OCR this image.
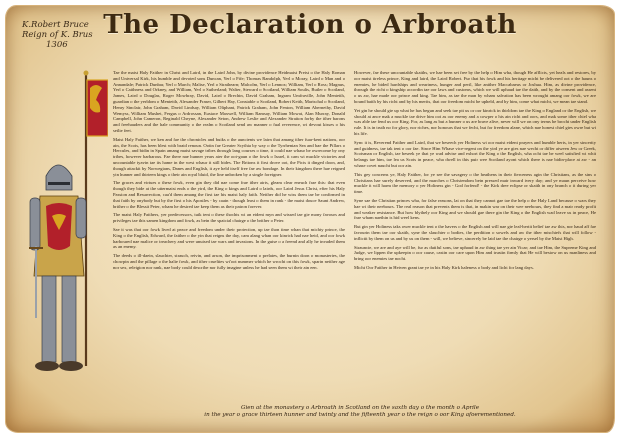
The Declaration o Arbroath
K.Robert Bruce
Reign of K. Brus
1306

Tae the maist Haly Faither in Christ and Laird, in the Laird John, by divine providence Heidmaist Preist o the Haly Roman and Universal Kirk, his humble and devoted sons Duncan, Yerl o Fife; Thomas Randolph, Yerl o Moray, Laird o Man and o Annandale; Patrick Dunbar, Yerl o March; Malise, Yerl o Strathearn; Malcolm, Yerl o Lennox; William, Yerl o Ross; Magnus, Yerl o Caithness and Orkney, and William, Yerl o Sutherland; Walter, Steward o Scotland, William Soulis, Butler o Scotland, James, Laird o Douglas, Roger Mowbray, David, Laird o Brechin, David Graham, Ingram Umfraville, John Menteith, guardian o the yerldom o Menteith, Alexander Fraser, Gilbert Hay, Constable o Scotland, Robert Keith, Marischal o Scotland, Henry Sinclair, John Graham, David Lindsay, William Oliphant, Patrick Graham, John Fenton, William Abernethy, David Wemyss, William Mushet, Fergus o Ardrossan, Eustace Maxwell, William Ramsay, William Mowat, Alan Murray, Donald Campbell, John Cameron, Reginald Cheyne, Alexander Seton, Andrew Leslie and Alexander Straiton forby the ither barons and freehauders and the hale community o the realm o Scotland send aw manner o fual reverence, wi devout kisses o his seilie feet.

Maist Haly Faither, we ken and fae the chronicles and buiks o the auncients we lairn that amang ither fuar-kent nations, oor ain, the Scots, has been blest with braid renoun. Ootin fae Greater Scythia by way o the Tyrrhenian Sea and bae the Pillars o Hercules, and bidin in Spain amang maist savage tribes through lang courses o time, it could nae whaur be owrecome by ony tribes, however barbarous. Fae there nae hunner years ater the oot-gaun o the fowk o Israel, it cam wi muckle victories and uncountable tyavin tae its hame in the west whaur it still bides. The Britons it first drove oot, the Picts it dinged doon, and, though attackit by Norwegians, Danes and English, it aye held itself free fae aw bondage. In their kingdom there hae reigned yin hunner and thirteen kings o their ain royal bluid, the line unbroken by a single foreigner.

The graces and virtues o these fowk, even gin they did nae come frae ither airts, gleam clear eneuch frae this: that even though they bide at the uttermaist ends o the yird, the King o kings and Laird o lairds, oor Laird Jesus Christ, efter his Haly Passion and Resurrection, caa'd them amang the first tae his maist haly faith. Neither did he wiss them tae be confirmed in that faith by onybody but by the first o his Apostles - by caain - though least o them in rank - the maist douce Saunt Andrew, brither o the Blessit Peter, wham he desired tae keep them as their patron forever.

The maist Haly Faithers, yer predecessors, tuik tent o these thochts wi an eident myn and wissed tae gie mony favours and privileges tae this samen kingdom and fowk, as bein the spaicial chairge o the brither o Peter.

Sae it was that oor fowk lived at peace and freedom under their protection, up tae thon time whan that michty prince, the King o the English, Edward, the faither o the yin that reigns the day, cam alang whan oor kinrick had nae heid, and oor fowk harboured nae malice or treachery and were unuised tae wars and invasions. In the guise o a freend and ally he invaded them as an enemy.

The deeds o ill-daein, slauchter, strauch, reivin, and arson, the imprisonment o prelates, the burnin doon o monasteries, the chowpin and the pillage o the halie fowk, and ither cruelties wi'oot nummer which he wrocht on this fowk, sparin neither age nor sex, releigion nor rank, nae body could describe nor fully imagine unless he had seen them wi their ain een.

However, fae these uncountable skaiths, we hae been set free by the help o Him wha, though He afflicts, yet heals and restores, by oor maist tireless prince, King and laird, the Laird Robert. Fur that his fowk and his heritage micht be delivered oot o the hauns o enemies, he bided hardships and weariness, hunger and peril, like anither Maccabaeus or Joshua. Him, as divine providence, through the richt o kingship accordin tae oor laws and customs, which we will uphaud tae the daith, and by the consent and assent o us aw, hae made oor prince and king. Tae him, as tae the man by wham salvation has been wrought amang oor fowk, we are bound baith by his richt and by his merits, that oor freedom micht be upheld, and by him, come what micht, we mean tae stand.

Yet gin he should gie up what he has begun and seek tae pit us or oor kinrick in thirldom tae the King o England or the English, we should at ance mak a muckle tae drive him oot as oor enemy and a cowper o his ain richt and oors, and mak some ither chiel wha was able tae fend us oor King. For, as lang as but a hunner o us are brave alive, never will we on ony terms be brocht under English rule. It is in truth no for glory, nor riches, nor honours that we fecht, but for freedom alane, which nae honest chiel gies owre but wi his life.

Sync it is, Reverend Faither and Laird, that we beseech yer Holiness wi oor maist eident prayers and humble herts, in yer sincerity and guidness, tae tak tent o oor fae. Since Him Whase vice-regent on the yird ye are gies nae wecht or differ atween Jew or Greek, Scotsman or English, tae beseek ye that ye wad advise and exhort the King o the English, wha ocht tae be weel satisfied wi whit belangs tae him, tae lea us Scots in peace, wha dwell in this puir wee Scotland ayont which there is nae bidin-place at aw - an whase covet naucht but oor ain.

This gey concerns ye, Haly Faither, for ye see the savagery o the heathens in their fierceness agin the Christians, as the sins o Christians hae surely deserved, and the marches o Christendom bein pressed mair inward ivery day; and ye maun perceive how muckle it will harm the memory o yer Holiness gin - God forfend! - the Kirk dree eclipse or skaith in ony branch o it during yer time.

Syne sae the Christian princes wha, for false reasons, lat on that they cannot gae tae the help o the Haly Land because o wars they hae wi their neebours. The real reason that prevents them is that, in makin war on their wee neebours, they find a mair ready profit and weaker resistance. But how blythely oor King and we should gae there gin the King o the English wad leave us in peace, He frae wham naethin is hid weel kens.

But gin yer Holiness taks ower muckle tent o the havers o the English and will nae gie leal-hertit belief tae aw this, nor haud aff fae favourin them tae oor skaith, syne the slauchter o bodies, the perdition o sowels and aw the ither mischiefs that will follow - inflictit by them on us and by us on them - will, we believe, sincerely be laid tae the chairge o yersel by the Maist High.

Strauncie, we are and aye will be, fur as dutiful sons, tae uphaud in aw thing tae yer ain Vicar; and tae Him, the Supreme King and Judge, we lippen the upkeepin o oor cause, castin oor care upon Him and trustin firmly that He will bestow on us manliness and bring oor enemies tae nocht.

Micht Oor Faither in Heiven grant tae ye in his Haly Kirk haleness o body and licht for lang days.

Gien at the monastery o Arbroath in Scotland on the saxth day o the month o Aprile
in the year o grace thirteen hunner and twinty and the fifteenth year o the reign o oor King afoerementioned.
